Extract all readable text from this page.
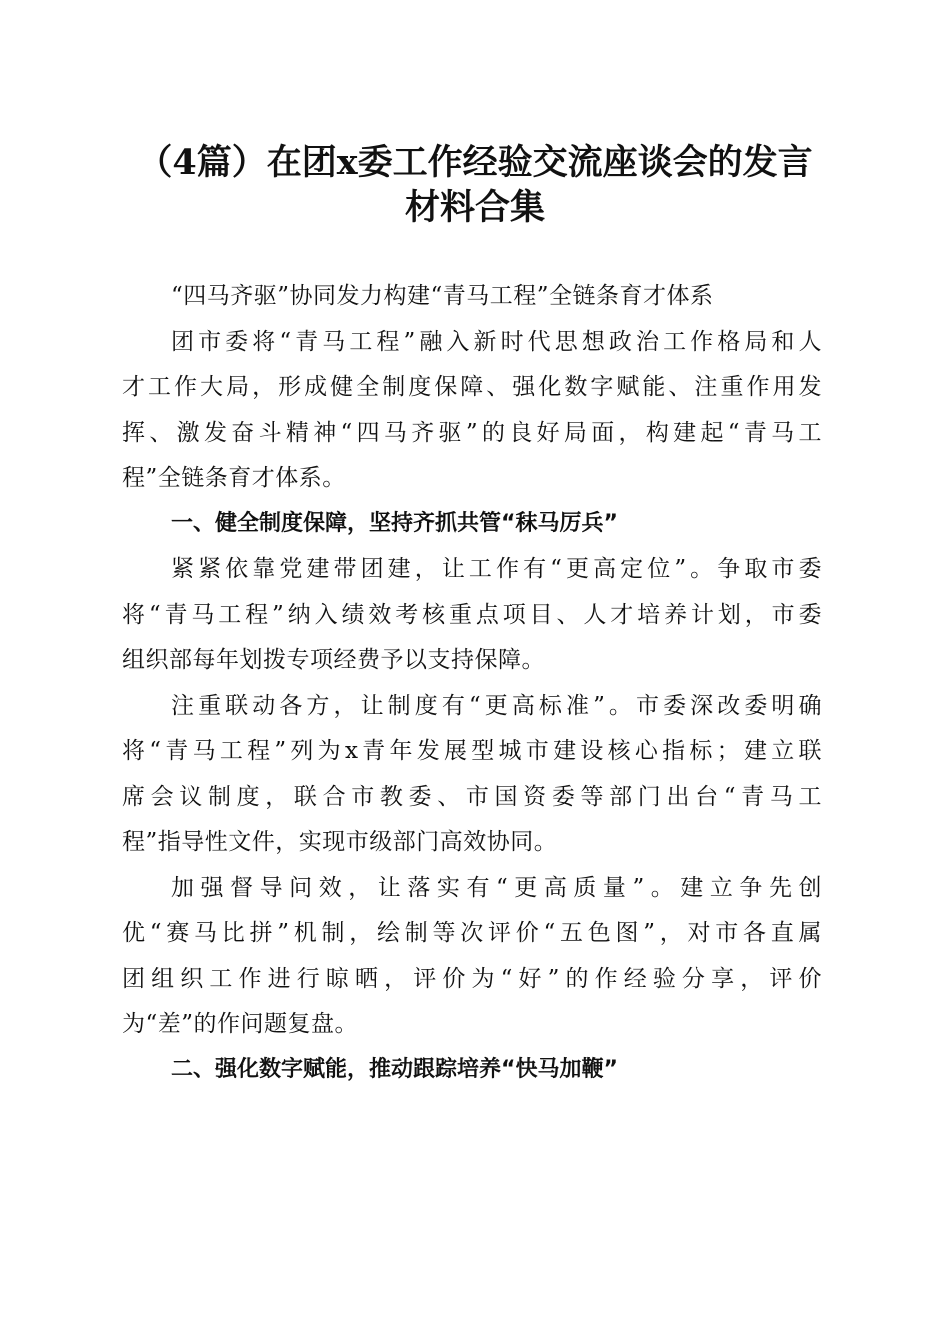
（4篇）在团x委工作经验交流座谈会的发言
材料合集

“四马齐驱”协同发力构建“青马工程”全链条育才体系

团市委将“青马工程”融入新时代思想政治工作格局和人

才工作大局，形成健全制度保障、强化数字赋能、注重作用发

挥、激发奋斗精神“四马齐驱”的良好局面，构建起“青马工

程”全链条育才体系。

一、健全制度保障，坚持齐抓共管“秣马厉兵”

紧紧依靠党建带团建，让工作有“更高定位”。争取市委

将“青马工程”纳入绩效考核重点项目、人才培养计划，市委

组织部每年划拨专项经费予以支持保障。

注重联动各方，让制度有“更高标准”。市委深改委明确

将“青马工程”列为x青年发展型城市建设核心指标；建立联

席会议制度，联合市教委、市国资委等部门出台“青马工

程”指导性文件，实现市级部门高效协同。

加强督导问效，让落实有“更高质量”。建立争先创

优“赛马比拼”机制，绘制等次评价“五色图”，对市各直属

团组织工作进行晾晒，评价为“好”的作经验分享，评价

为“差”的作问题复盘。

二、强化数字赋能，推动跟踪培养“快马加鞭”
